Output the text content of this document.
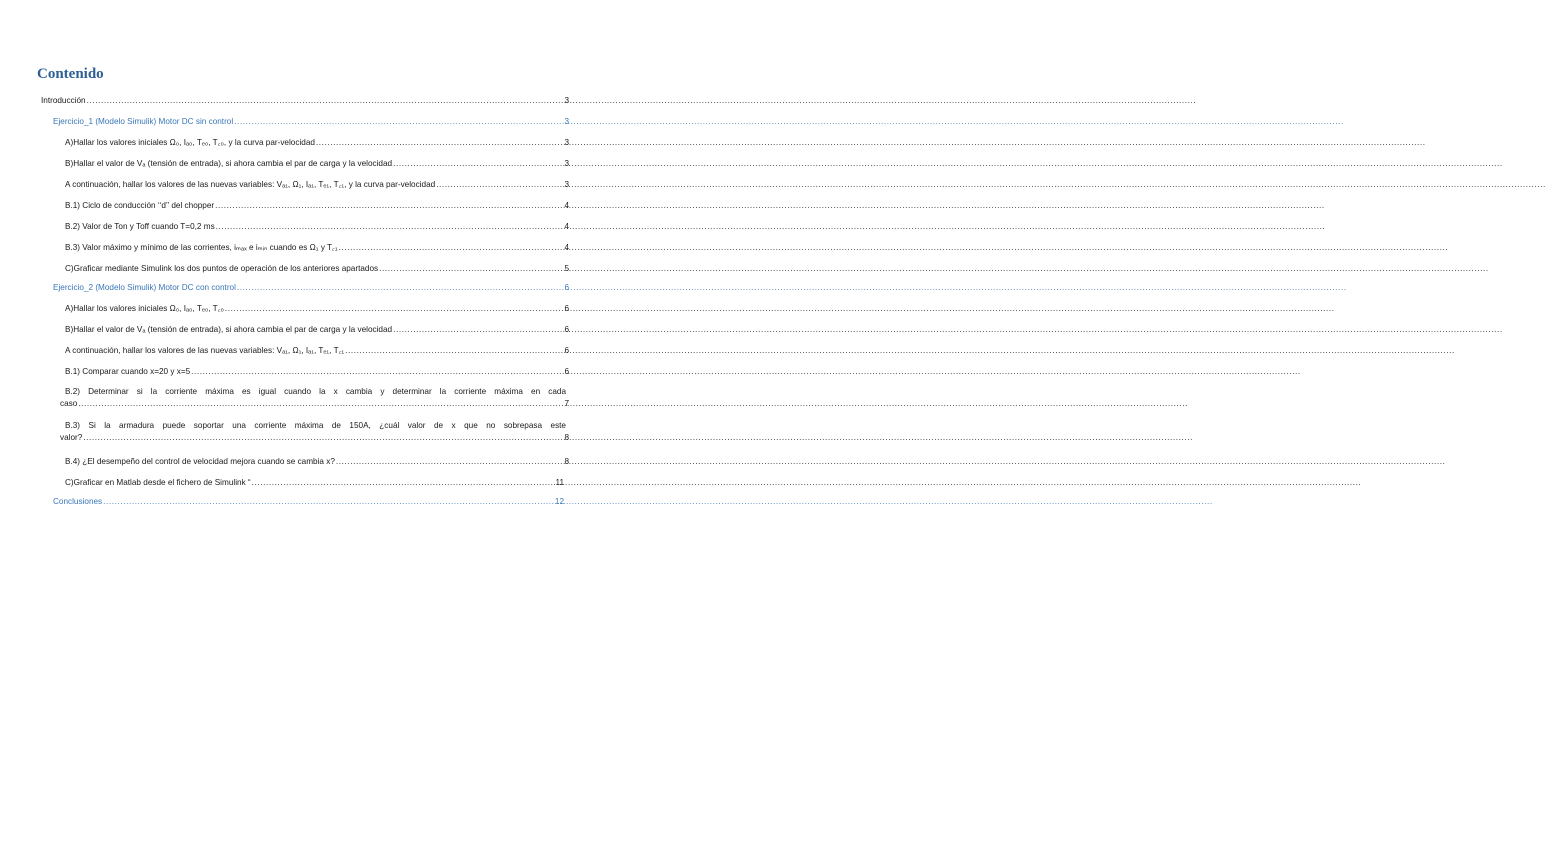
Contenido
Introducción .....	3
Ejercicio_1 (Modelo Simulik) Motor DC sin control .....	3
A) Hallar los valores iniciales Ω₀, Iₐ₀, Tₑ₀, T꜀₀, y la curva par-velocidad .....	3
B) Hallar el valor de Vₐ (tensión de entrada), si ahora cambia el par de carga y la velocidad .....	3
A continuación, hallar los valores de las nuevas variables: Vₐ₁, Ω₁, Iₐ₁, Tₑ₁, T꜀₁, y la curva par-velocidad .....	3
B.1) Ciclo de conducción ‘‘d’’ del chopper .....	4
B.2) Valor de Ton y Toff cuando T=0,2 ms .....	4
B.3) Valor máximo y mínimo de las corrientes, iₘₐₓ e iₘᵢₙ cuando es Ω₁ y T꜀₁ .....	4
C) Graficar mediante Simulink los dos puntos de operación de los anteriores apartados .....	5
Ejercicio_2 (Modelo Simulik) Motor DC con control .....	6
A) Hallar los valores iniciales Ω₀, Iₐ₀, Tₑ₀, T꜀₀ .....	6
B) Hallar el valor de Vₐ (tensión de entrada), si ahora cambia el par de carga y la velocidad .....	6
A continuación, hallar los valores de las nuevas variables: Vₐ₁, Ω₁, Iₐ₁, Tₑ₁, T꜀₁ .....	6
B.1) Comparar cuando x=20 y x=5 .....	6
B.2) Determinar si la corriente máxima es igual cuando la x cambia y determinar la corriente máxima en cada
caso .....	7
B.3) Si la armadura puede soportar una corriente máxima de 150A, ¿cuál valor de x que no sobrepasa este
valor? .....	8
B.4) ¿El desempeño del control de velocidad mejora cuando se cambia x? .....	8
C) Graficar en Matlab desde el fichero de Simulink “ .....	11
Conclusiones .....	12
